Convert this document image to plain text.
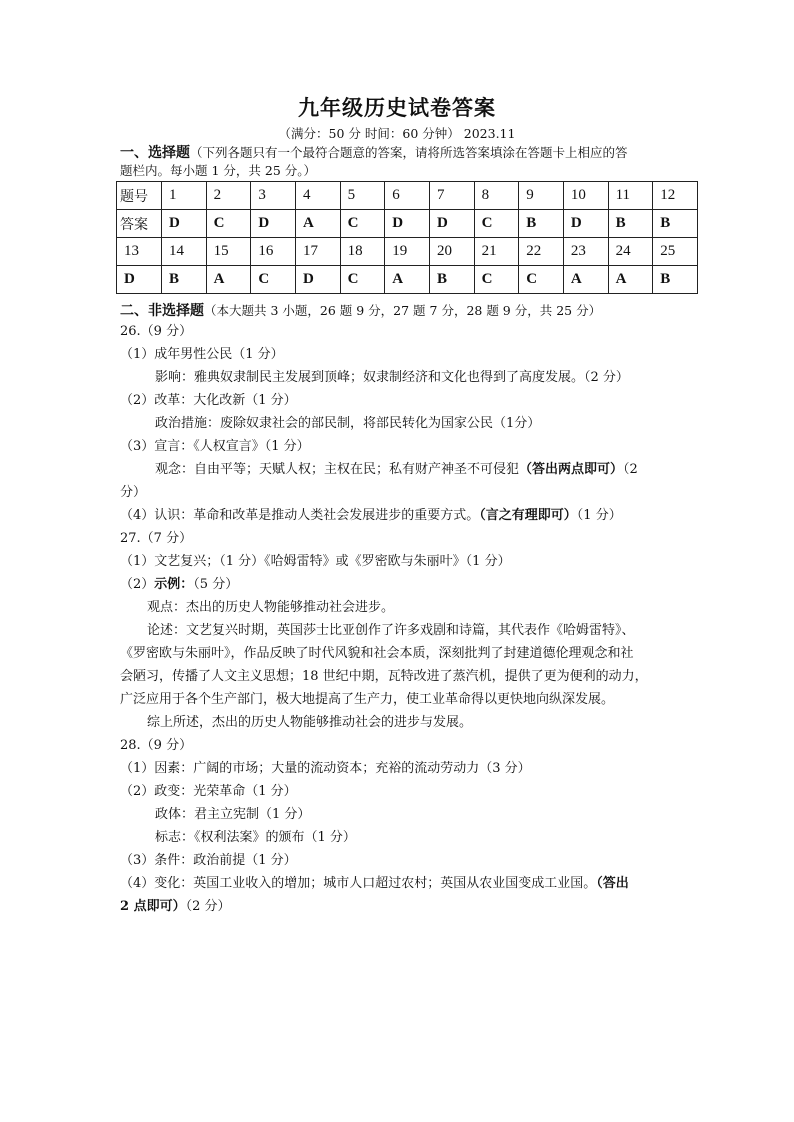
九年级历史试卷答案
（满分：50 分 时间：60 分钟） 2023.11
一、选择题（下列各题只有一个最符合题意的答案，请将所选答案填涂在答题卡上相应的答
题栏内。每小题 1 分，共 25 分。）
题号	1	2	3	4	5	6	7	8	9	10	11	12
答案	D	C	D	A	C	D	D	C	B	D	B	B
13	14	15	16	17	18	19	20	21	22	23	24	25
D	B	A	C	D	C	A	B	C	C	A	A	B
二、非选择题（本大题共 3 小题，26 题 9 分，27 题 7 分，28 题 9 分，共 25 分）
26.（9 分）
（1）成年男性公民（1 分）
影响：雅典奴隶制民主发展到顶峰；奴隶制经济和文化也得到了高度发展。（2 分）
（2）改革：大化改新（1 分）
政治措施：废除奴隶社会的部民制，将部民转化为国家公民（1分）
（3）宣言：《人权宣言》（1 分）
观念：自由平等；天赋人权；主权在民；私有财产神圣不可侵犯（答出两点即可）（2
分）
（4）认识：革命和改革是推动人类社会发展进步的重要方式。（言之有理即可）（1 分）
27.（7 分）
（1）文艺复兴；（1 分）《哈姆雷特》或《罗密欧与朱丽叶》（1 分）
（2）示例：（5 分）
观点：杰出的历史人物能够推动社会进步。
论述：文艺复兴时期，英国莎士比亚创作了许多戏剧和诗篇，其代表作《哈姆雷特》、
《罗密欧与朱丽叶》，作品反映了时代风貌和社会本质，深刻批判了封建道德伦理观念和社
会陋习，传播了人文主义思想；18 世纪中期，瓦特改进了蒸汽机，提供了更为便利的动力，
广泛应用于各个生产部门，极大地提高了生产力，使工业革命得以更快地向纵深发展。
综上所述，杰出的历史人物能够推动社会的进步与发展。
28.（9 分）
（1）因素：广阔的市场；大量的流动资本；充裕的流动劳动力（3 分）
（2）政变：光荣革命（1 分）
政体：君主立宪制（1 分）
标志：《权利法案》的颁布（1 分）
（3）条件：政治前提（1 分）
（4）变化：英国工业收入的增加；城市人口超过农村；英国从农业国变成工业国。（答出
2 点即可）（2 分）
